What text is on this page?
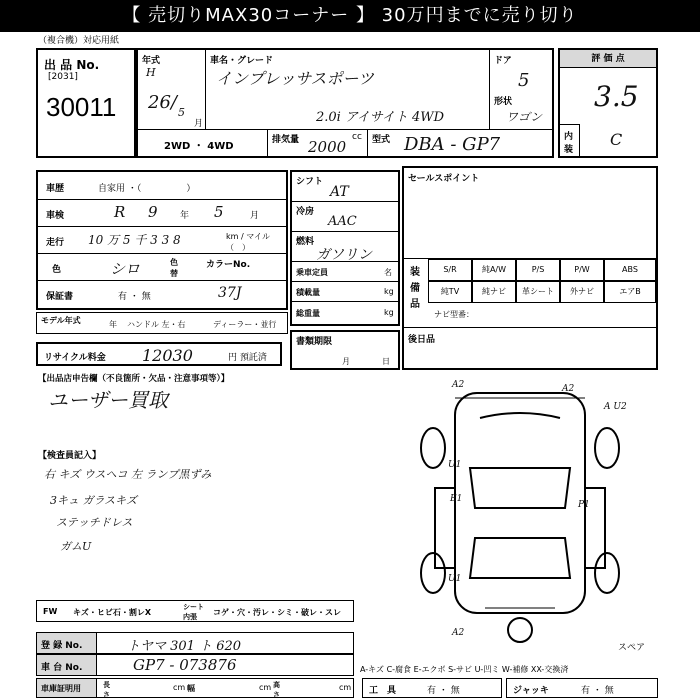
【 売切りMAX30コーナー 】 30万円までに売り切り
（複合機）対応用紙
出 品 No.
[2031]
30011
年式
H
26/ 5
月
車名・グレード
インプレッサスポーツ
2.0i アイサイト 4WD
ドア
5
形状
ワゴン
2WD ・ 4WD
排気量	cc
2000	型式 DBA - GP7
評 価 点
3.5
内装
C
車歴	自家用 ・（　　　　　）
車検	R 9 年 5	月
走行 10 万 5 千 3 3 8	km / マイル（　）
色	シロ	色替
カラーNo.
保証書	有 ・ 無	37J
モデル年式	年 ハンドル 左・右	ディーラー・並行
リサイクル料金 12030	円 預託済
シフト
AT
冷房
AAC
燃料
ガソリン
乗車定員	名
積載量	kg
総重量	kg
書類期限
月	日
セールスポイント
装備品
S/R	純A/W	P/S	P/W	ABS
純TV	純ナビ	革シート	外ナビ	エアB
ナビ型番：
後日品
【出品店申告欄（不良箇所・欠品・注意事項等）】
ユーザー買取
【検査員記入】
右 キズ ウスヘコ 左 ランプ黒ずみ
3キュ ガラスキズ
ステッチドレス
ガムU
A2	A2
A U2
U1
E1
U1
P1
A2
スペア
FW キズ・ヒビ石・割レX
シート内張	コゲ・穴・汚レ・シミ・破レ・スレ
登 録 No.	トヤマ 301 ト 620
車 台 No.	GP7 - 073876
車庫証明用	長さ
cm 幅	cm 高さ
cm
A-キズ C-腐食 E-エクボ S-サビ U-凹ミ W-補修 XX-交換済
工　具	有 ・ 無	ジャッキ	有 ・ 無
